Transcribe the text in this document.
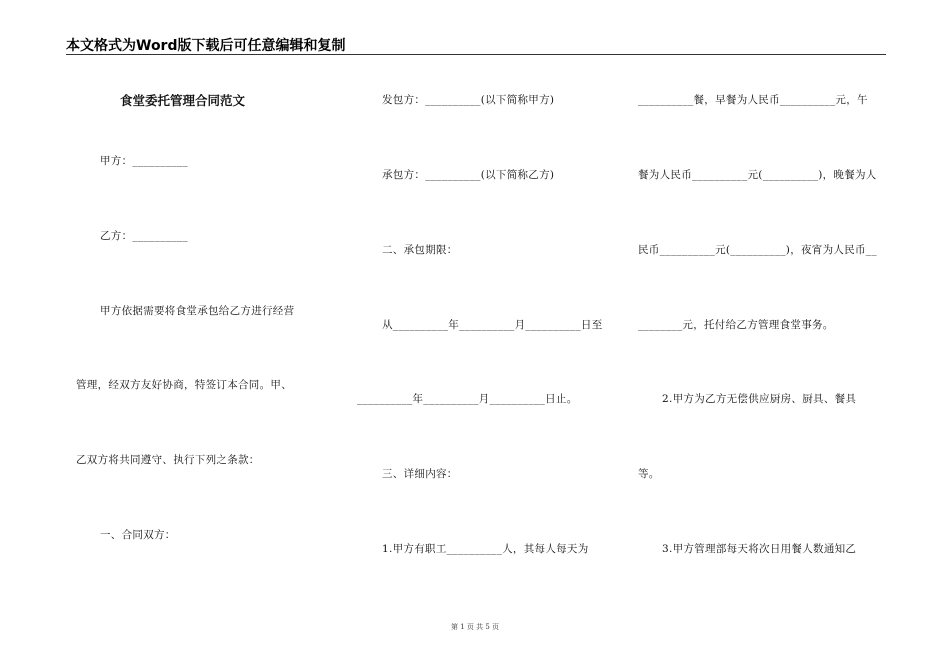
本文格式为Word版下载后可任意编辑和复制
食堂委托管理合同范文
甲方：__________
乙方：__________
甲方依据需要将食堂承包给乙方进行经营
管理，经双方友好协商，特签订本合同。甲、
乙双方将共同遵守、执行下列之条款：
一、合同双方：
发包方：__________(以下简称甲方)
承包方：__________(以下简称乙方)
二、承包期限：
从__________年__________月__________日至
__________年__________月__________日止。
三、详细内容：
1.甲方有职工__________人，其每人每天为
__________餐，早餐为人民币__________元，午
餐为人民币__________元(__________)，晚餐为人
民币__________元(__________)，夜宵为人民币__
________元，托付给乙方管理食堂事务。
2.甲方为乙方无偿供应厨房、厨具、餐具
等。
3.甲方管理部每天将次日用餐人数通知乙
第 1 页 共 5 页
